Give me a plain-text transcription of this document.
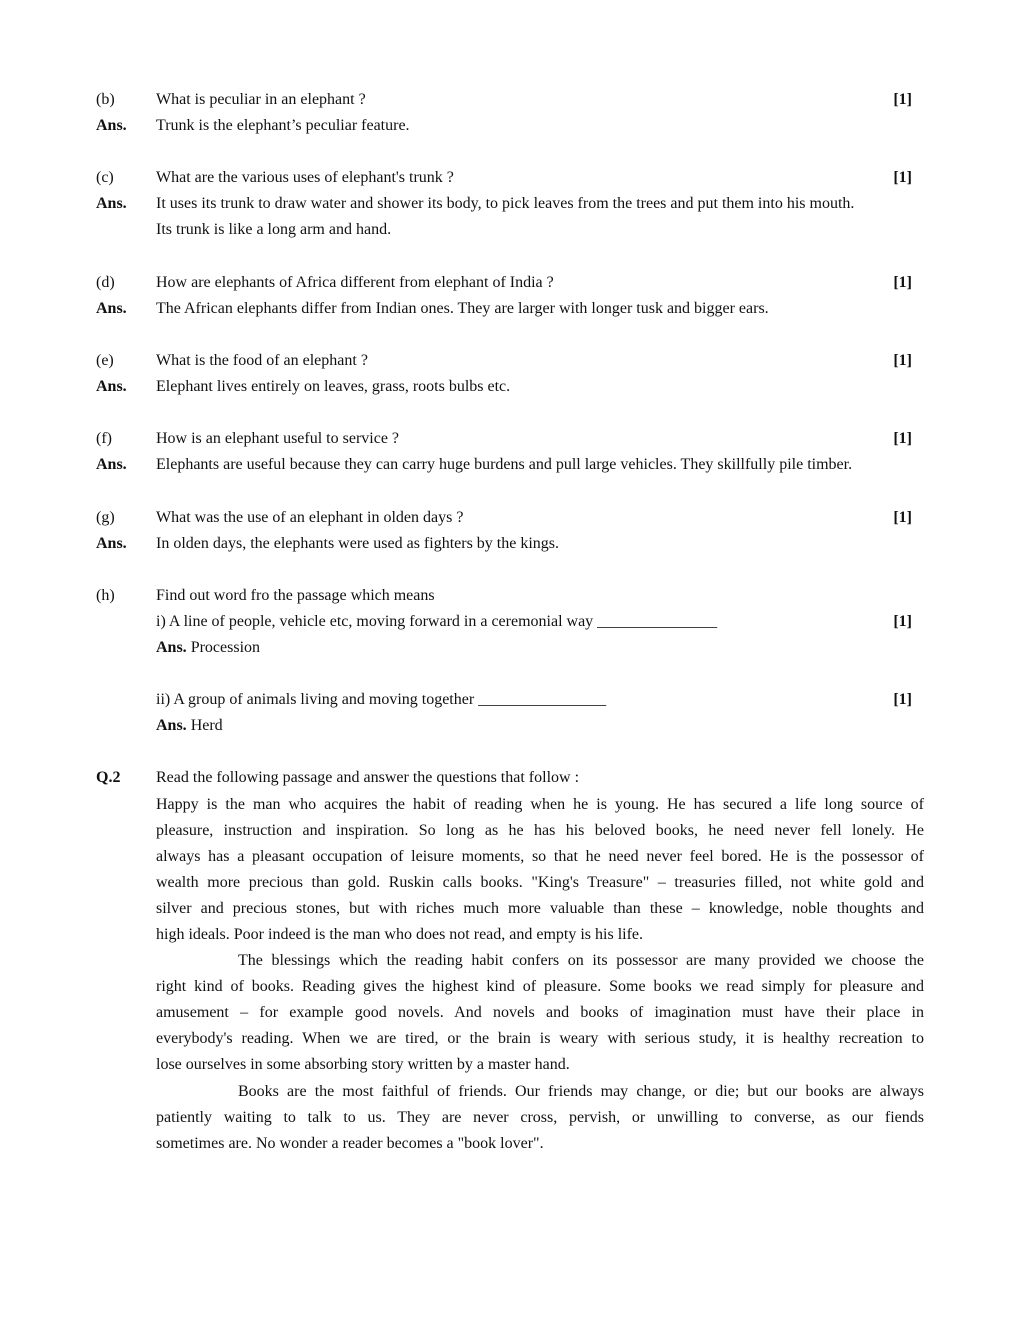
(b)	What is peculiar in an elephant ?	[1]
Ans. Trunk is the elephant’s peculiar feature.
(c)	What are the various uses of elephant's trunk ?	[1]
Ans. It uses its trunk to draw water and shower its body, to pick leaves from the trees and put them into his mouth.
Its trunk is like a long arm and hand.
(d)	How are elephants of Africa different from elephant of India ?	[1]
Ans. The African elephants differ from Indian ones. They are larger with longer tusk and bigger ears.
(e)	What is the food of an elephant ?	[1]
Ans. Elephant lives entirely on leaves, grass, roots bulbs etc.
(f)	How is an elephant useful to service ?	[1]
Ans. Elephants are useful because they can carry huge burdens and pull large vehicles. They skillfully pile timber.
(g)	What was the use of an elephant in olden days ?	[1]
Ans. In olden days, the elephants were used as fighters by the kings.
(h)	Find out word fro the passage which means
i) A line of people, vehicle etc, moving forward in a ceremonial way _______________	[1]
Ans. Procession
ii) A group of animals living and moving together ________________	[1]
Ans. Herd
Q.2 Read the following passage and answer the questions that follow :
Happy is the man who acquires the habit of reading when he is young. He has secured a life long source of
pleasure, instruction and inspiration. So long as he has his beloved books, he need never fell lonely. He
always has a pleasant occupation of leisure moments, so that he need never feel bored. He is the possessor of
wealth more precious than gold. Ruskin calls books. "King's Treasure" – treasuries filled, not white gold and
silver and precious stones, but with riches much more valuable than these – knowledge, noble thoughts and
high ideals. Poor indeed is the man who does not read, and empty is his life.
The blessings which the reading habit confers on its possessor are many provided we choose the
right kind of books. Reading gives the highest kind of pleasure. Some books we read simply for pleasure and
amusement – for example good novels. And novels and books of imagination must have their place in
everybody's reading. When we are tired, or the brain is weary with serious study, it is healthy recreation to
lose ourselves in some absorbing story written by a master hand.
Books are the most faithful of friends. Our friends may change, or die; but our books are always
patiently waiting to talk to us. They are never cross, pervish, or unwilling to converse, as our fiends
sometimes are. No wonder a reader becomes a "book lover".
